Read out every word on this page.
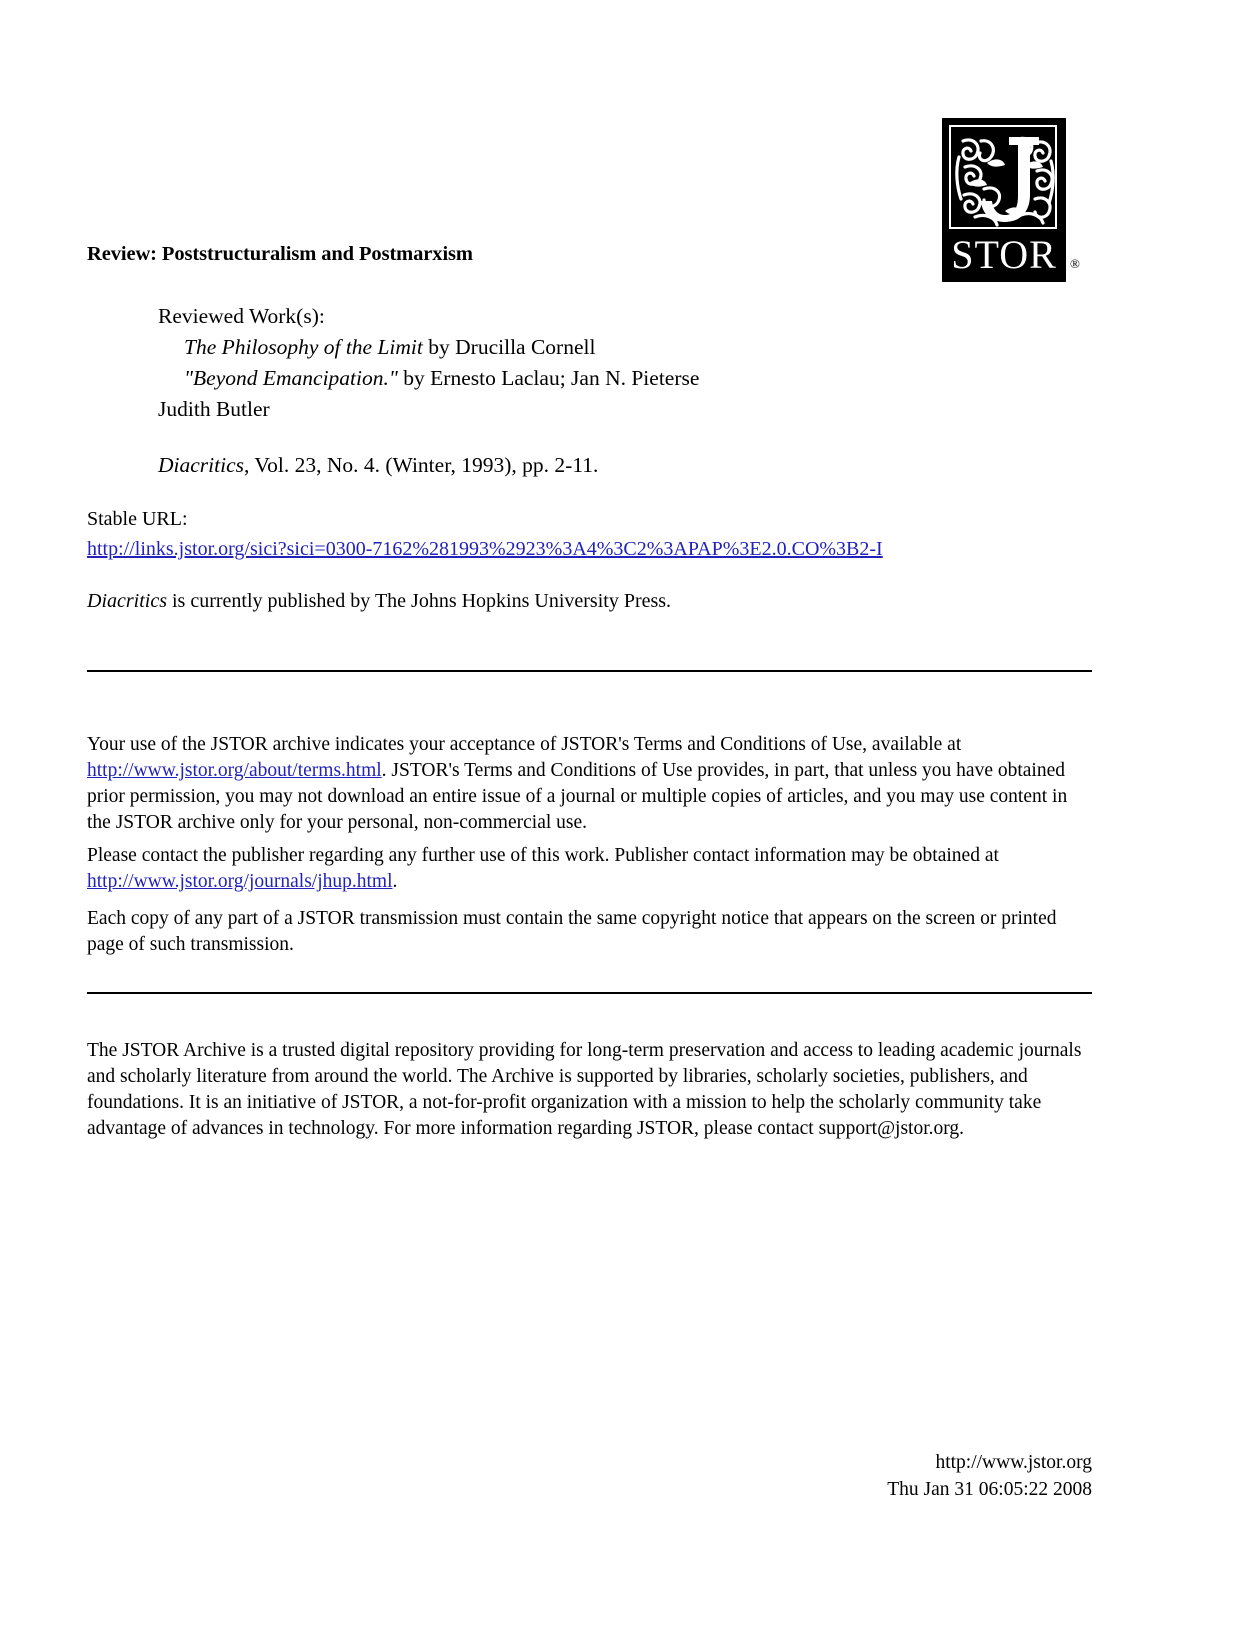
STOR	®
Review: Poststructuralism and Postmarxism
Reviewed Work(s):
The Philosophy of the Limit by Drucilla Cornell
"Beyond Emancipation." by Ernesto Laclau; Jan N. Pieterse
Judith Butler
Diacritics, Vol. 23, No. 4. (Winter, 1993), pp. 2-11.
Stable URL:
http://links.jstor.org/sici?sici=0300-7162%281993%2923%3A4%3C2%3APAP%3E2.0.CO%3B2-I
Diacritics is currently published by The Johns Hopkins University Press.
Your use of the JSTOR archive indicates your acceptance of JSTOR's Terms and Conditions of Use, available at http://www.jstor.org/about/terms.html. JSTOR's Terms and Conditions of Use provides, in part, that unless you have obtained prior permission, you may not download an entire issue of a journal or multiple copies of articles, and you may use content in the JSTOR archive only for your personal, non-commercial use.
Please contact the publisher regarding any further use of this work. Publisher contact information may be obtained at http://www.jstor.org/journals/jhup.html.
Each copy of any part of a JSTOR transmission must contain the same copyright notice that appears on the screen or printed page of such transmission.
The JSTOR Archive is a trusted digital repository providing for long-term preservation and access to leading academic journals and scholarly literature from around the world. The Archive is supported by libraries, scholarly societies, publishers, and foundations. It is an initiative of JSTOR, a not-for-profit organization with a mission to help the scholarly community take advantage of advances in technology. For more information regarding JSTOR, please contact support@jstor.org.
http://www.jstor.org
Thu Jan 31 06:05:22 2008
